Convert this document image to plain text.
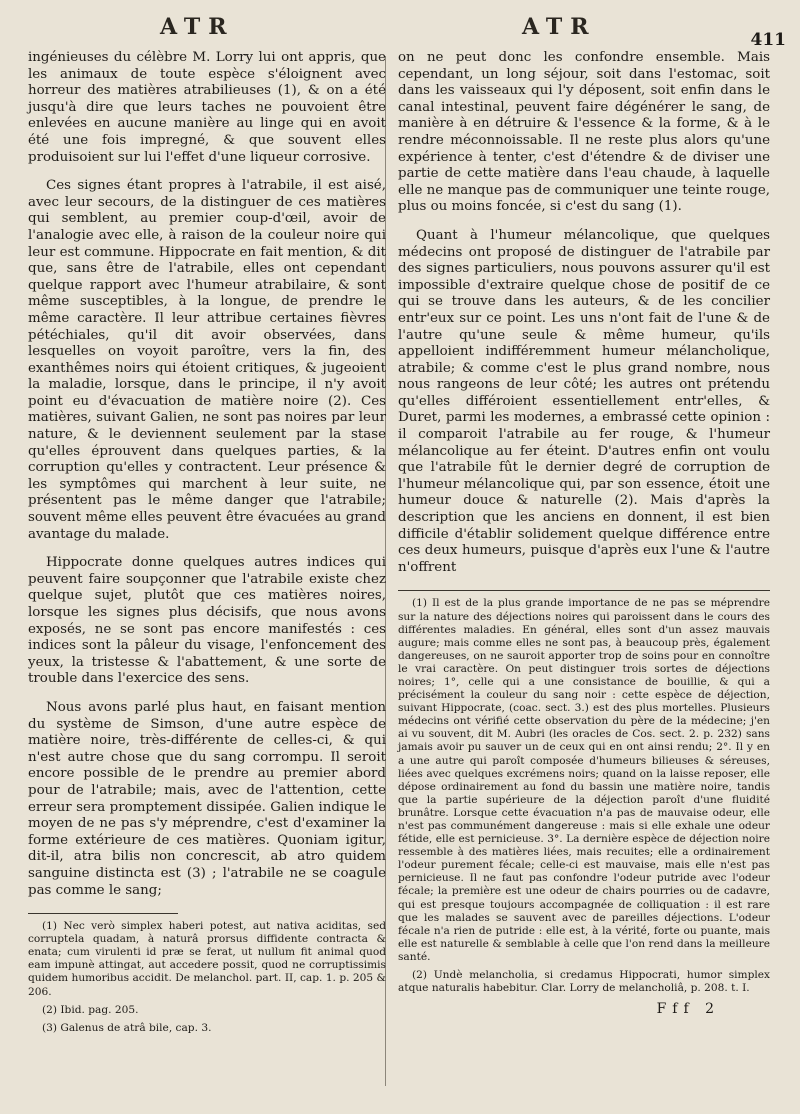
ATR	ATR	411

ingénieuses du célèbre M. Lorry lui ont appris, que les animaux de toute espèce s'éloignent avec horreur des matières atrabilieuses (1), & on a été jusqu'à dire que leurs taches ne pouvoient être enlevées en aucune manière au linge qui en avoit été une fois impregné, & que souvent elles produisoient sur lui l'effet d'une liqueur corrosive.

Ces signes étant propres à l'atrabile, il est aisé, avec leur secours, de la distinguer de ces matières qui semblent, au premier coup-d'œil, avoir de l'analogie avec elle, à raison de la couleur noire qui leur est commune. Hippocrate en fait mention, & dit que, sans être de l'atrabile, elles ont cependant quelque rapport avec l'humeur atrabilaire, & sont même susceptibles, à la longue, de prendre le même caractère. Il leur attribue certaines fièvres pétéchiales, qu'il dit avoir observées, dans lesquelles on voyoit paroître, vers la fin, des exanthêmes noirs qui étoient critiques, & jugeoient la maladie, lorsque, dans le principe, il n'y avoit point eu d'évacuation de matière noire (2). Ces matières, suivant Galien, ne sont pas noires par leur nature, & le deviennent seulement par la stase qu'elles éprouvent dans quelques parties, & la corruption qu'elles y contractent. Leur présence & les symptômes qui marchent à leur suite, ne présentent pas le même danger que l'atrabile; souvent même elles peuvent être évacuées au grand avantage du malade.

Hippocrate donne quelques autres indices qui peuvent faire soupçonner que l'atrabile existe chez quelque sujet, plutôt que ces matières noires, lorsque les signes plus décisifs, que nous avons exposés, ne se sont pas encore manifestés : ces indices sont la pâleur du visage, l'enfoncement des yeux, la tristesse & l'abattement, & une sorte de trouble dans l'exercice des sens.

Nous avons parlé plus haut, en faisant mention du système de Simson, d'une autre espèce de matière noire, très-différente de celles-ci, & qui n'est autre chose que du sang corrompu. Il seroit encore possible de le prendre au premier abord pour de l'atrabile; mais, avec de l'attention, cette erreur sera promptement dissipée. Galien indique le moyen de ne pas s'y méprendre, c'est d'examiner la forme extérieure de ces matières. Quoniam igitur, dit-il, atra bilis non concrescit, ab atro quidem sanguine distincta est (3) ; l'atrabile ne se coagule pas comme le sang;

(1) Nec verò simplex haberi potest, aut nativa aciditas, sed corruptela quadam, à naturâ prorsus diffidente contracta & enata; cum virulenti id præ se ferat, ut nullum fit animal quod eam impunè attingat, aut accedere possit, quod ne corruptissimis quidem humoribus accidit. De melanchol. part. II, cap. 1. p. 205 & 206.

(2) Ibid. pag. 205.

(3) Galenus de atrâ bile, cap. 3.

on ne peut donc les confondre ensemble. Mais cependant, un long séjour, soit dans l'estomac, soit dans les vaisseaux qui l'y déposent, soit enfin dans le canal intestinal, peuvent faire dégénérer le sang, de manière à en détruire & l'essence & la forme, & à le rendre méconnoissable. Il ne reste plus alors qu'une expérience à tenter, c'est d'étendre & de diviser une partie de cette matière dans l'eau chaude, à laquelle elle ne manque pas de communiquer une teinte rouge, plus ou moins foncée, si c'est du sang (1).

Quant à l'humeur mélancolique, que quelques médecins ont proposé de distinguer de l'atrabile par des signes particuliers, nous pouvons assurer qu'il est impossible d'extraire quelque chose de positif de ce qui se trouve dans les auteurs, & de les concilier entr'eux sur ce point. Les uns n'ont fait de l'une & de l'autre qu'une seule & même humeur, qu'ils appelloient indifféremment humeur mélancholique, atrabile; & comme c'est le plus grand nombre, nous nous rangeons de leur côté; les autres ont prétendu qu'elles différoient essentiellement entr'elles, & Duret, parmi les modernes, a embrassé cette opinion : il comparoit l'atrabile au fer rouge, & l'humeur mélancolique au fer éteint. D'autres enfin ont voulu que l'atrabile fût le dernier degré de corruption de l'humeur mélancolique qui, par son essence, étoit une humeur douce & naturelle (2). Mais d'après la description que les anciens en donnent, il est bien difficile d'établir solidement quelque différence entre ces deux humeurs, puisque d'après eux l'une & l'autre n'offrent

(1) Il est de la plus grande importance de ne pas se méprendre sur la nature des déjections noires qui paroissent dans le cours des différentes maladies. En général, elles sont d'un assez mauvais augure; mais comme elles ne sont pas, à beaucoup près, également dangereuses, on ne sauroit apporter trop de soins pour en connoître le vrai caractère. On peut distinguer trois sortes de déjections noires; 1°, celle qui a une consistance de bouillie, & qui a précisément la couleur du sang noir : cette espèce de déjection, suivant Hippocrate, (coac. sect. 3.) est des plus mortelles. Plusieurs médecins ont vérifié cette observation du père de la médecine; j'en ai vu souvent, dit M. Aubri (les oracles de Cos. sect. 2. p. 232) sans jamais avoir pu sauver un de ceux qui en ont ainsi rendu; 2°. Il y en a une autre qui paroît composée d'humeurs bilieuses & séreuses, liées avec quelques excrémens noirs; quand on la laisse reposer, elle dépose ordinairement au fond du bassin une matière noire, tandis que la partie supérieure de la déjection paroît d'une fluidité brunâtre. Lorsque cette évacuation n'a pas de mauvaise odeur, elle n'est pas communément dangereuse : mais si elle exhale une odeur fétide, elle est pernicieuse. 3°. La dernière espèce de déjection noire ressemble à des matières liées, mais recuites; elle a ordinairement l'odeur purement fécale; celle-ci est mauvaise, mais elle n'est pas pernicieuse. Il ne faut pas confondre l'odeur putride avec l'odeur fécale; la première est une odeur de chairs pourries ou de cadavre, qui est presque toujours accompagnée de colliquation : il est rare que les malades se sauvent avec de pareilles déjections. L'odeur fécale n'a rien de putride : elle est, à la vérité, forte ou puante, mais elle est naturelle & semblable à celle que l'on rend dans la meilleure santé.

(2) Undè melancholia, si credamus Hippocrati, humor simplex atque naturalis habebitur. Clar. Lorry de melancholiâ, p. 208. t. I.

Fff 2
